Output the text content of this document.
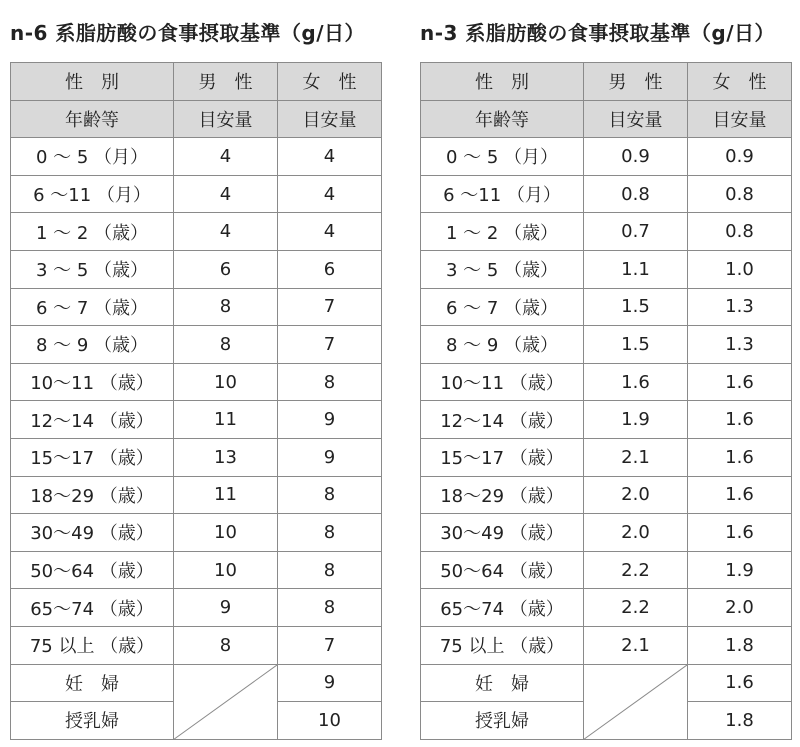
n-6 系脂肪酸の食事摂取基準（g/日）
性　別	男　性	女　性
年齢等	目安量	目安量
0 ～ 5 （月）	4	4
6 ～11 （月）	4	4
1 ～ 2 （歳）	4	4
3 ～ 5 （歳）	6	6
6 ～ 7 （歳）	8	7
8 ～ 9 （歳）	8	7
10～11 （歳）	10	8
12～14 （歳）	11	9
15～17 （歳）	13	9
18～29 （歳）	11	8
30～49 （歳）	10	8
50～64 （歳）	10	8
65～74 （歳）	9	8
75 以上 （歳）	8	7
妊　婦		9
授乳婦		10
n-3 系脂肪酸の食事摂取基準（g/日）
性　別	男　性	女　性
年齢等	目安量	目安量
0 ～ 5 （月）	0.9	0.9
6 ～11 （月）	0.8	0.8
1 ～ 2 （歳）	0.7	0.8
3 ～ 5 （歳）	1.1	1.0
6 ～ 7 （歳）	1.5	1.3
8 ～ 9 （歳）	1.5	1.3
10～11 （歳）	1.6	1.6
12～14 （歳）	1.9	1.6
15～17 （歳）	2.1	1.6
18～29 （歳）	2.0	1.6
30～49 （歳）	2.0	1.6
50～64 （歳）	2.2	1.9
65～74 （歳）	2.2	2.0
75 以上 （歳）	2.1	1.8
妊　婦		1.6
授乳婦		1.8
